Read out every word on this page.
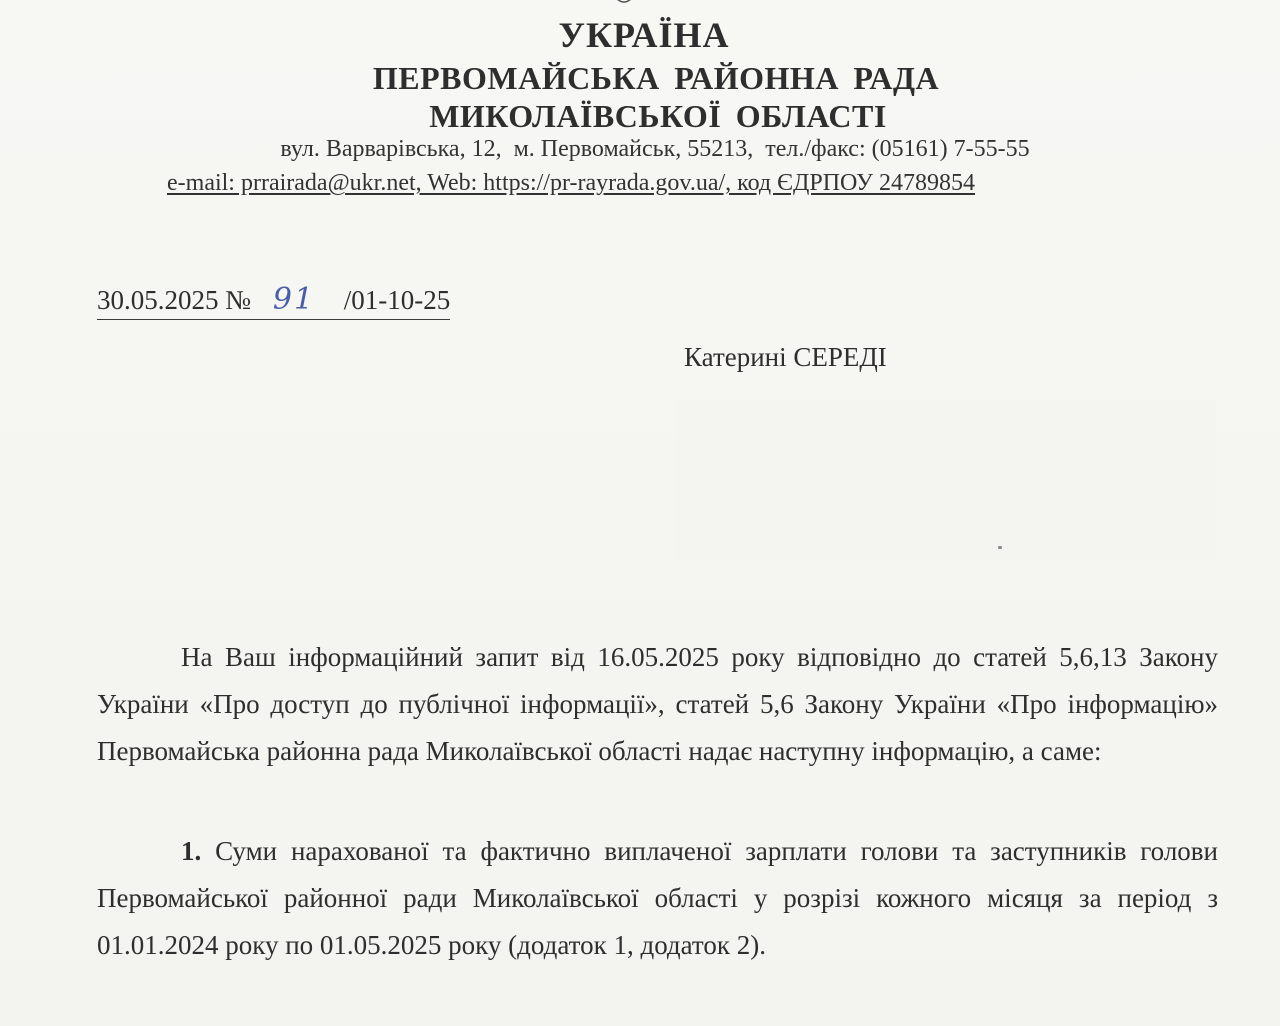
УКРАЇНА
ПЕРВОМАЙСЬКА РАЙОННА РАДА
МИКОЛАЇВСЬКОЇ ОБЛАСТІ
вул. Варварівська, 12,  м. Первомайськ, 55213,  тел./факс: (05161) 7-55-55
e-mail: prrairada@ukr.net, Web: https://pr-rayrada.gov.ua/, код ЄДРПОУ 24789854
30.05.2025 № 91 /01-10-25
Катерині СЕРЕДІ

На Ваш інформаційний запит від 16.05.2025 року відповідно до статей 5,6,13 Закону України «Про доступ до публічної інформації», статей 5,6 Закону України «Про інформацію» Первомайська районна рада Миколаївської області надає наступну інформацію, а саме:

1. Суми нарахованої та фактично виплаченої зарплати голови та заступників голови Первомайської районної ради Миколаївської області у розрізі кожного місяця за період з 01.01.2024 року по 01.05.2025 року (додаток 1, додаток 2).
